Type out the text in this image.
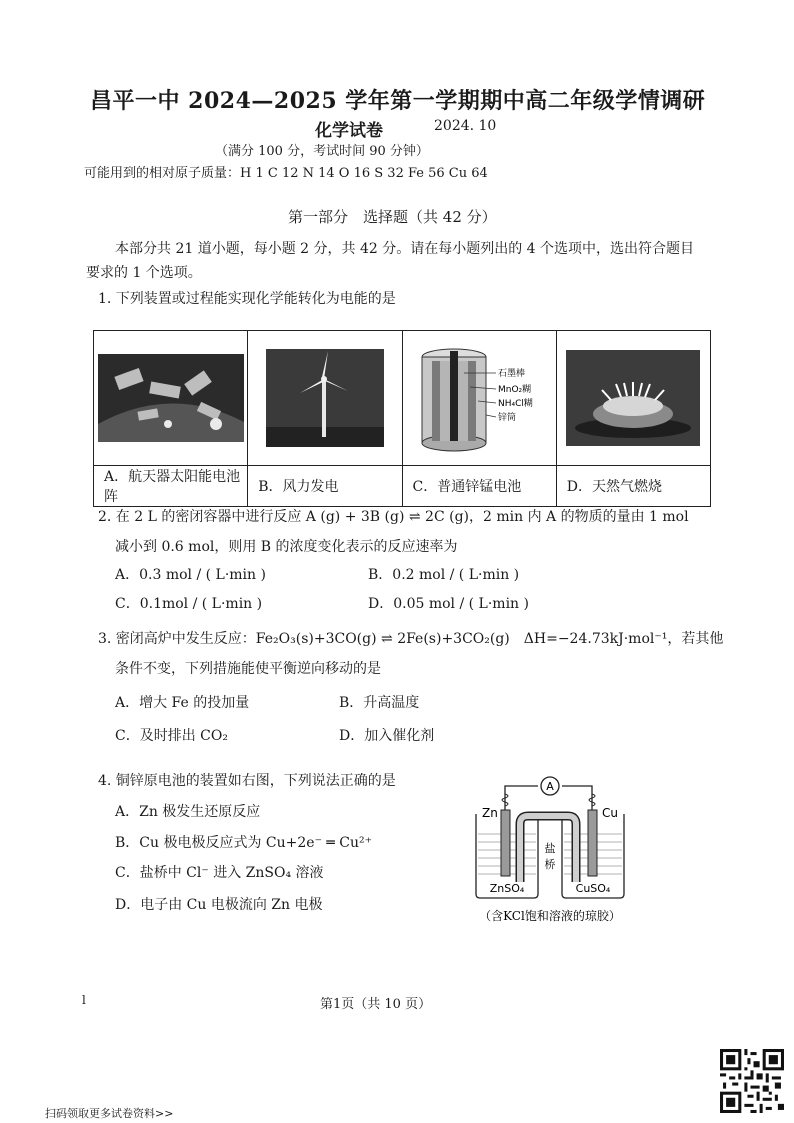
昌平一中 2024—2025 学年第一学期期中高二年级学情调研
化学试卷	2024. 10
（满分 100 分，考试时间 90 分钟）
可能用到的相对原子质量：H 1 C 12 N 14 O 16 S 32 Fe 56 Cu 64
第一部分　选择题（共 42 分）
本部分共 21 道小题，每小题 2 分，共 42 分。请在每小题列出的 4 个选项中，选出符合题目
要求的 1 个选项。
1. 下列装置或过程能实现化学能转化为电能的是

石墨棒
MnO₂糊
NH₄Cl糊
锌筒

A．航天器太阳能电池阵	B．风力发电	C．普通锌锰电池	D．天然气燃烧
2. 在 2 L 的密闭容器中进行反应 A (g) + 3B (g) ⇌ 2C (g)，2 min 内 A 的物质的量由 1 mol
减小到 0.6 mol，则用 B 的浓度变化表示的反应速率为
A．0.3 mol / ( L·min )	B．0.2 mol / ( L·min )
C．0.1mol / ( L·min )	D．0.05 mol / ( L·min )
3. 密闭高炉中发生反应：Fe₂O₃(s)+3CO(g) ⇌ 2Fe(s)+3CO₂(g)　ΔH=−24.73kJ·mol⁻¹，若其他
条件不变，下列措施能使平衡逆向移动的是
A．增大 Fe 的投加量	B．升高温度
C．及时排出 CO₂	D．加入催化剂
4. 铜锌原电池的装置如右图，下列说法正确的是
A．Zn 极发生还原反应
B．Cu 极电极反应式为 Cu+2e⁻ ═ Cu²⁺
C．盐桥中 Cl⁻ 进入 ZnSO₄ 溶液
D．电子由 Cu 电极流向 Zn 电极
A
Zn	Cu
盐
桥
ZnSO₄	CuSO₄
（含KCl饱和溶液的琼胶）
l	第1页（共 10 页）
扫码领取更多试卷资料>>
